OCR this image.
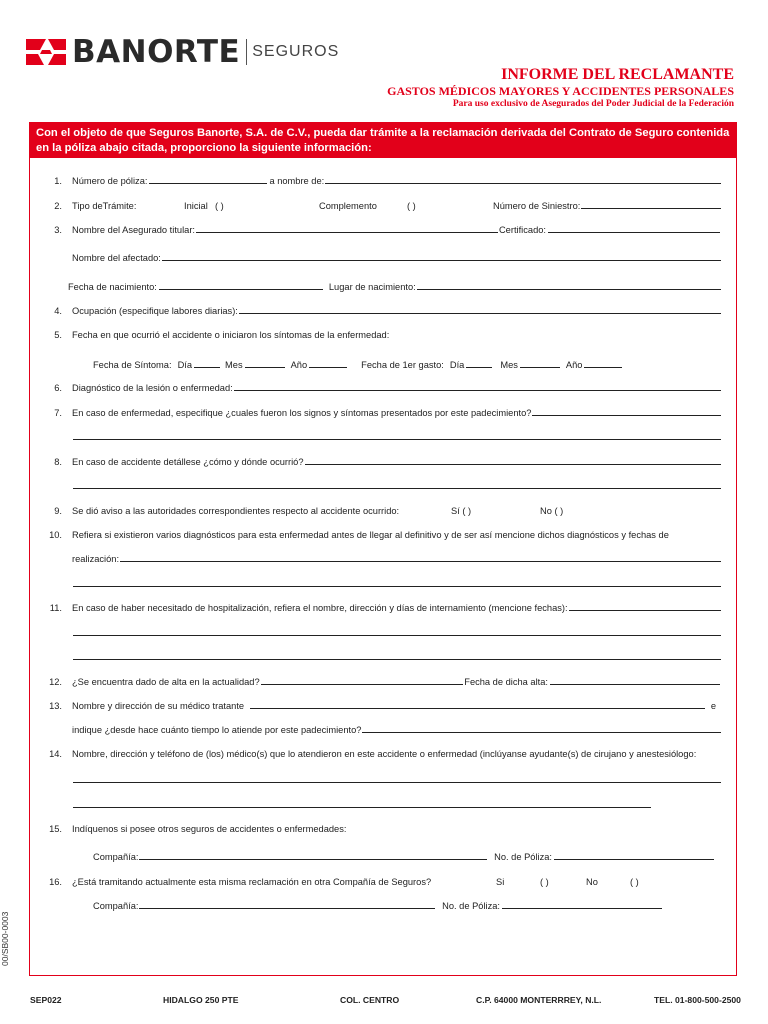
BANORTE SEGUROS
INFORME DEL RECLAMANTE
GASTOS MÉDICOS MAYORES Y ACCIDENTES PERSONALES
Para uso exclusivo de Asegurados del Poder Judicial de la Federación
Con el objeto de que Seguros Banorte, S.A. de C.V., pueda dar trámite a la reclamación derivada del Contrato de Seguro contenida en la póliza abajo citada, proporciono la siguiente información:
1.	Número de póliza:	a nombre de:
2.	Tipo deTrámite:	Inicial ( )	Complemento	( )	Número de Siniestro:
3.	Nombre del Asegurado titular:	Certificado:
Nombre del afectado:
Fecha de nacimiento:	Lugar de nacimiento:
4.	Ocupación (especifique labores diarias):
5.	Fecha en que ocurrió el accidente o iniciaron los síntomas de la enfermedad:
Fecha de Síntoma: Día	Mes	Año	Fecha de 1er gasto: Día	Mes	Año
6.	Diagnóstico de la lesión o enfermedad:
7.	En caso de enfermedad, especifique ¿cuales fueron los signos y síntomas presentados por este padecimiento?
8.	En caso de accidente detállese ¿cómo y dónde ocurrió?
9.	Se dió aviso a las autoridades correspondientes respecto al accidente ocurrido:	Sí ( )	No ( )
10.	Refiera si existieron varios diagnósticos para esta enfermedad antes de llegar al definitivo y de ser así mencione dichos diagnósticos y fechas de
realización:
11.	En caso de haber necesitado de hospitalización, refiera el nombre, dirección y días de internamiento (mencione fechas):
12.	¿Se encuentra dado de alta en la actualidad?	Fecha de dicha alta:
13.	Nombre y dirección de su médico tratante	e
indique ¿desde hace cuánto tiempo lo atiende por este padecimiento?
14.	Nombre, dirección y teléfono de (los) médico(s) que lo atendieron en este accidente o enfermedad (inclúyanse ayudante(s) de cirujano y anestesiólogo:
15.	Indíquenos si posee otros seguros de accidentes o enfermedades:
Compañía:	No. de Póliza:
16.	¿Está tramitando actualmente esta misma reclamación en otra Compañía de Seguros?	Si	( )	No	( )
Compañía:	No. de Póliza:
00/SB00-0003
SEP022	HIDALGO 250 PTE	COL. CENTRO	C.P. 64000 MONTERRREY, N.L.	TEL. 01-800-500-2500
